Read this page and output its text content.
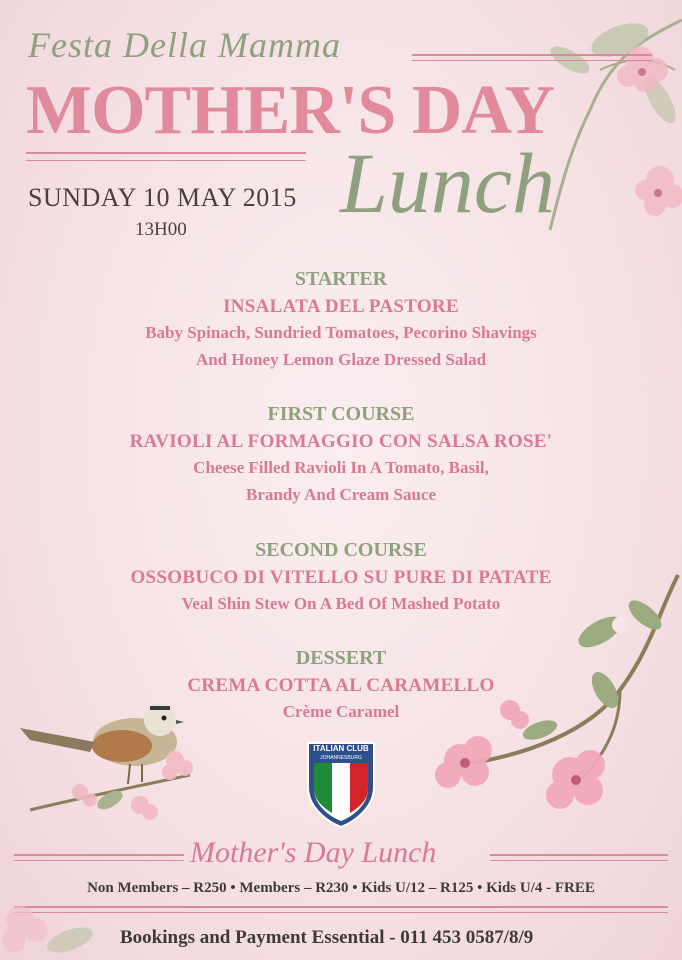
Festa Della Mamma
MOTHER'S DAY
Lunch
SUNDAY 10 MAY 2015
13H00
STARTER
INSALATA DEL PASTORE
Baby Spinach, Sundried Tomatoes, Pecorino Shavings
And Honey Lemon Glaze Dressed Salad
FIRST COURSE
RAVIOLI AL FORMAGGIO CON SALSA ROSE'
Cheese Filled Ravioli In A Tomato, Basil,
Brandy And Cream Sauce
SECOND COURSE
OSSOBUCO DI VITELLO SU PURE DI PATATE
Veal Shin Stew On A Bed Of Mashed Potato
DESSERT
CREMA COTTA AL CARAMELLO
Crème Caramel
ITALIAN CLUB
JOHANNESBURG
Mother's Day Lunch
Non Members – R250 • Members – R230 • Kids U/12 – R125 • Kids U/4 - FREE
Bookings and Payment Essential - 011 453 0587/8/9
